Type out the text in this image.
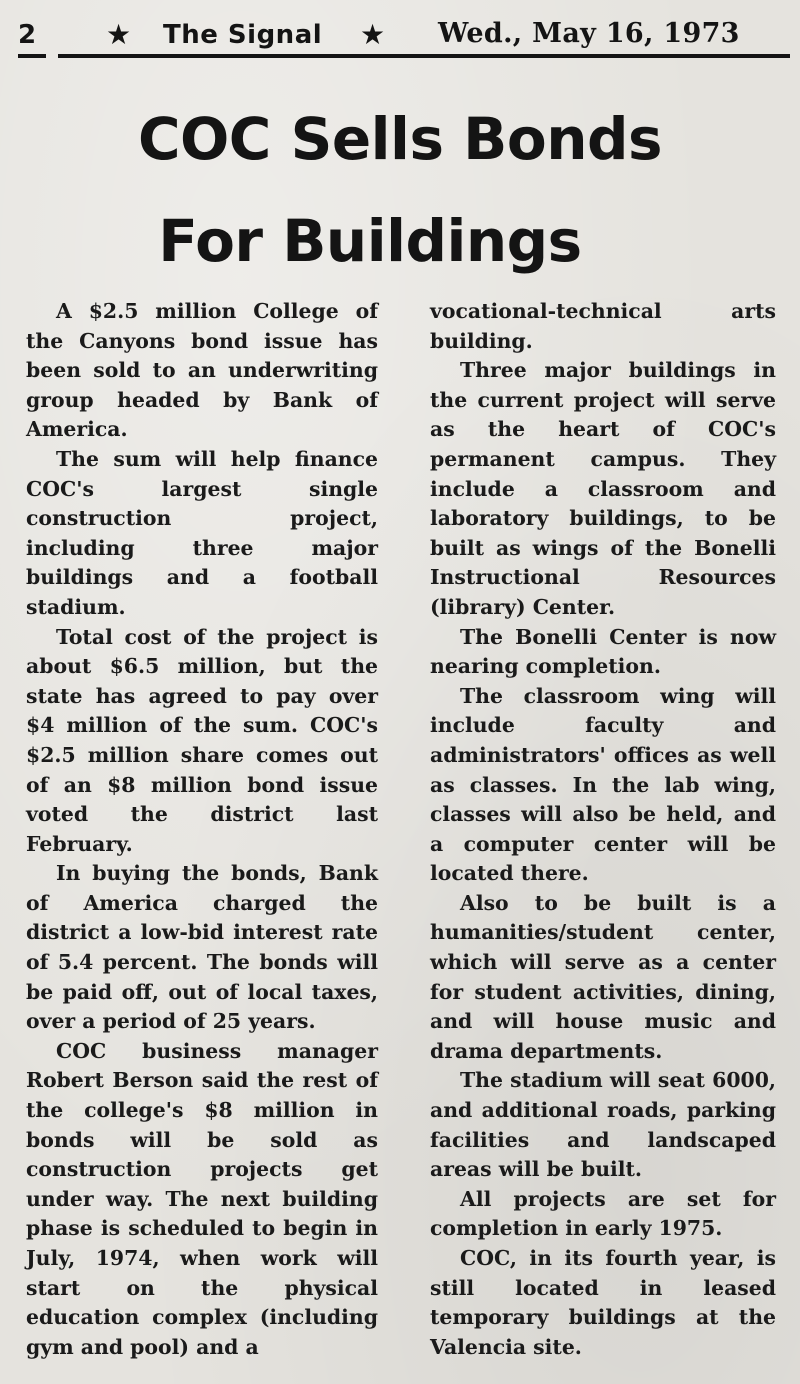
2 ★ The Signal ★ Wed., May 16, 1973
COC Sells Bonds
For Buildings

A $2.5 million College of the Canyons bond issue has been sold to an underwriting group headed by Bank of America.

The sum will help finance COC's largest single construction project, including three major buildings and a football stadium.

Total cost of the project is about $6.5 million, but the state has agreed to pay over $4 million of the sum. COC's $2.5 million share comes out of an $8 million bond issue voted the district last February.

In buying the bonds, Bank of America charged the district a low-bid interest rate of 5.4 percent. The bonds will be paid off, out of local taxes, over a period of 25 years.

COC business manager Robert Berson said the rest of the college's $8 million in bonds will be sold as construction projects get under way. The next building phase is scheduled to begin in July, 1974, when work will start on the physical education complex (including gym and pool) and a

vocational-technical arts building.

Three major buildings in the current project will serve as the heart of COC's permanent campus. They include a classroom and laboratory buildings, to be built as wings of the Bonelli Instructional Resources (library) Center.

The Bonelli Center is now nearing completion.

The classroom wing will include faculty and administrators' offices as well as classes. In the lab wing, classes will also be held, and a computer center will be located there.

Also to be built is a humanities/student center, which will serve as a center for student activities, dining, and will house music and drama departments.

The stadium will seat 6000, and additional roads, parking facilities and landscaped areas will be built.

All projects are set for completion in early 1975.

COC, in its fourth year, is still located in leased temporary buildings at the Valencia site.
